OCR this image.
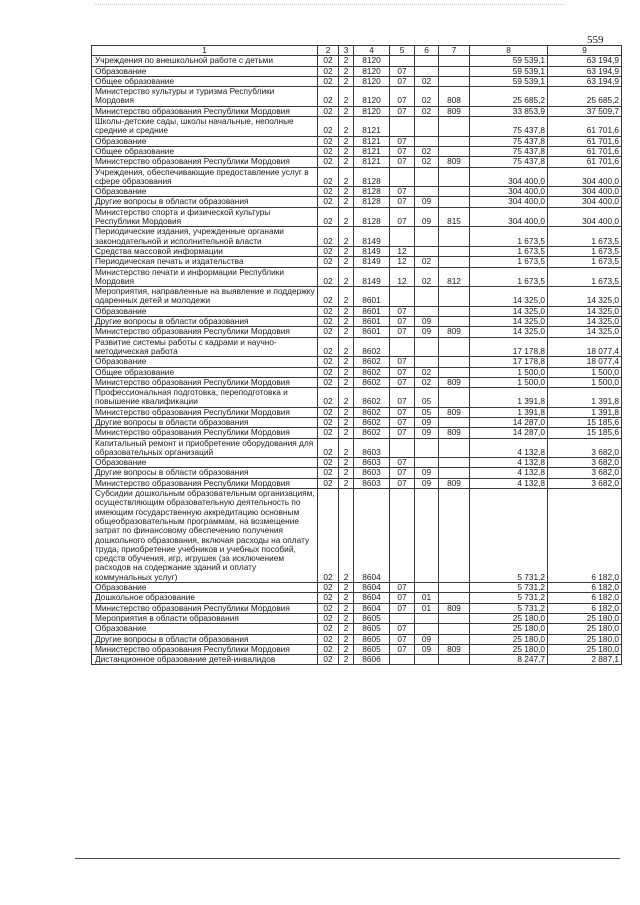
559
1	2	3	4	5	6	7	8	9
Учреждения по внешкольной работе с детьми	02	2	8120				59 539,1	63 194,9
Образование	02	2	8120	07			59 539,1	63 194,9
Общее образование	02	2	8120	07	02		59 539,1	63 194,9
Министерство культуры и туризма Республики Мордовия	02	2	8120	07	02	808	25 685,2	25 685,2
Министерство образования Республики Мордовия	02	2	8120	07	02	809	33 853,9	37 509,7
Школы-детские сады, школы начальные, неполные средние и средние	02	2	8121				75 437,8	61 701,6
Образование	02	2	8121	07			75 437,8	61 701,6
Общее образование	02	2	8121	07	02		75 437,8	61 701,6
Министерство образования Республики Мордовия	02	2	8121	07	02	809	75 437,8	61 701,6
Учреждения, обеспечивающие предоставление услуг в сфере образования	02	2	8128				304 400,0	304 400,0
Образование	02	2	8128	07			304 400,0	304 400,0
Другие вопросы в области образования	02	2	8128	07	09		304 400,0	304 400,0
Министерство спорта и физической культуры Республики Мордовия	02	2	8128	07	09	815	304 400,0	304 400,0
Периодические издания, учрежденные органами законодательной и исполнительной власти	02	2	8149				1 673,5	1 673,5
Средства массовой информации	02	2	8149	12			1 673,5	1 673,5
Периодическая печать и издательства	02	2	8149	12	02		1 673,5	1 673,5
Министерство печати и информации Республики Мордовия	02	2	8149	12	02	812	1 673,5	1 673,5
Мероприятия, направленные на выявление и поддержку одаренных детей и молодежи	02	2	8601				14 325,0	14 325,0
Образование	02	2	8601	07			14 325,0	14 325,0
Другие вопросы в области образования	02	2	8601	07	09		14 325,0	14 325,0
Министерство образования Республики Мордовия	02	2	8601	07	09	809	14 325,0	14 325,0
Развитие системы работы с кадрами и научно-методическая работа	02	2	8602				17 178,8	18 077,4
Образование	02	2	8602	07			17 178,8	18 077,4
Общее образование	02	2	8602	07	02		1 500,0	1 500,0
Министерство образования Республики Мордовия	02	2	8602	07	02	809	1 500,0	1 500,0
Профессиональная подготовка, переподготовка и повышение квалификации	02	2	8602	07	05		1 391,8	1 391,8
Министерство образования Республики Мордовия	02	2	8602	07	05	809	1 391,8	1 391,8
Другие вопросы в области образования	02	2	8602	07	09		14 287,0	15 185,6
Министерство образования Республики Мордовия	02	2	8602	07	09	809	14 287,0	15 185,6
Капитальный ремонт и приобретение оборудования для образовательных организаций	02	2	8603				4 132,8	3 682,0
Образование	02	2	8603	07			4 132,8	3 682,0
Другие вопросы в области образования	02	2	8603	07	09		4 132,8	3 682,0
Министерство образования Республики Мордовия	02	2	8603	07	09	809	4 132,8	3 682,0
Субсидии дошкольным образовательным организациям, осуществляющим образовательную деятельность по имеющим государственную аккредитацию основным общеобразовательным программам, на возмещение затрат по финансовому обеспечению получения дошкольного образования, включая расходы на оплату труда, приобретение учебников и учебных пособий, средств обучения, игр, игрушек (за исключением расходов на содержание зданий и оплату коммунальных услуг)	02	2	8604				5 731,2	6 182,0
Образование	02	2	8604	07			5 731,2	6 182,0
Дошкольное образование	02	2	8604	07	01		5 731,2	6 182,0
Министерство образования Республики Мордовия	02	2	8604	07	01	809	5 731,2	6 182,0
Мероприятия в области образования	02	2	8605				25 180,0	25 180,0
Образование	02	2	8605	07			25 180,0	25 180,0
Другие вопросы в области образования	02	2	8605	07	09		25 180,0	25 180,0
Министерство образования Республики Мордовия	02	2	8605	07	09	809	25 180,0	25 180,0
Дистанционное образование детей-инвалидов	02	2	8606				8 247,7	2 887,1
